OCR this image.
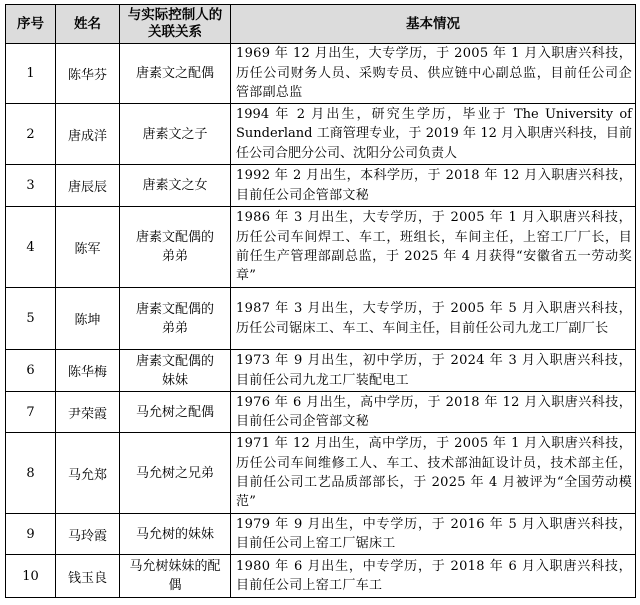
序号	姓名	与实际控制人的关联关系	基本情况
1	陈华芬	唐素文之配偶	1969 年 12 月出生，大专学历，于 2005 年 1 月入职唐兴科技，历任公司财务人员、采购专员、供应链中心副总监，目前任公司企管部副总监
2	唐成洋	唐素文之子	1994 年 2 月出生，研究生学历，毕业于 The University of Sunderland 工商管理专业，于 2019 年 12 月入职唐兴科技，目前任公司合肥分公司、沈阳分公司负责人
3	唐辰辰	唐素文之女	1992 年 2 月出生，本科学历，于 2018 年 12 月入职唐兴科技，目前任公司企管部文秘
4	陈军	唐素文配偶的弟弟	1986 年 3 月出生，大专学历，于 2005 年 1 月入职唐兴科技，历任公司车间焊工、车工，班组长，车间主任，上窑工厂厂长，目前任生产管理部副总监，于 2025 年 4 月获得“安徽省五一劳动奖章”
5	陈坤	唐素文配偶的弟弟	1987 年 3 月出生，大专学历，于 2005 年 5 月入职唐兴科技，历任公司锯床工、车工、车间主任，目前任公司九龙工厂副厂长
6	陈华梅	唐素文配偶的妹妹	1973 年 9 月出生，初中学历，于 2024 年 3 月入职唐兴科技，目前任公司九龙工厂装配电工
7	尹荣霞	马允树之配偶	1976 年 6 月出生，高中学历，于 2018 年 12 月入职唐兴科技，目前任公司企管部文秘
8	马允郑	马允树之兄弟	1971 年 12 月出生，高中学历，于 2005 年 1 月入职唐兴科技，历任公司车间维修工人、车工、技术部油缸设计员，技术部主任，目前任公司工艺品质部部长，于 2025 年 4 月被评为“全国劳动模范”
9	马玲霞	马允树的妹妹	1979 年 9 月出生，中专学历，于 2016 年 5 月入职唐兴科技，目前任公司上窑工厂锯床工
10	钱玉良	马允树妹妹的配偶	1980 年 6 月出生，中专学历，于 2018 年 6 月入职唐兴科技，目前任公司上窑工厂车工
